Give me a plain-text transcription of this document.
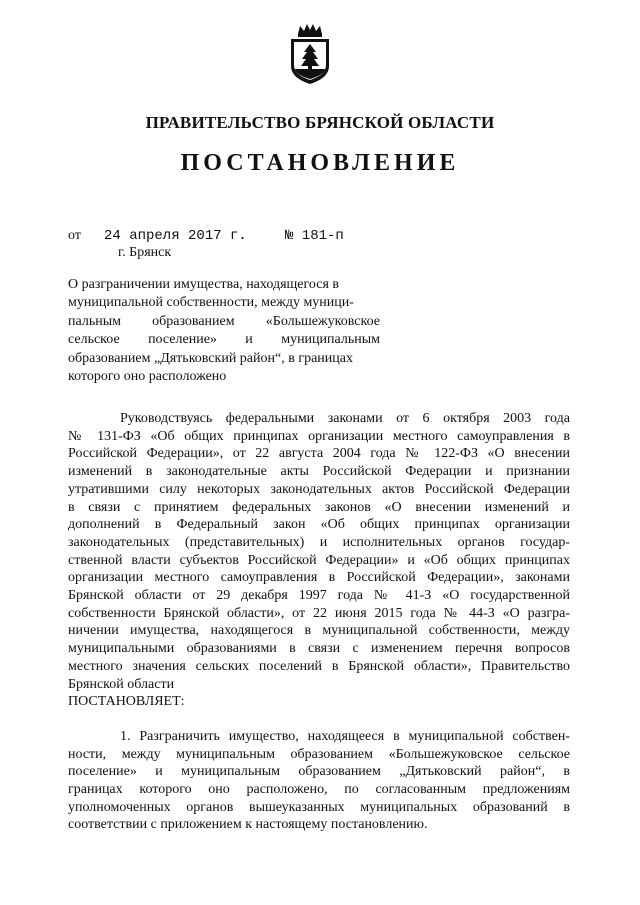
ПРАВИТЕЛЬСТВО БРЯНСКОЙ ОБЛАСТИ
ПОСТАНОВЛЕНИЕ
от 24 апреля 2017 г.	№ 181-п
г. Брянск
О разграничении имущества, находящегося в
муниципальной собственности, между муници-
пальным образованием «Большежуковское
сельское поселение» и муниципальным
образованием „Дятьковский район“, в границах
которого оно расположено
Руководствуясь федеральными законами от 6 октября 2003 года
№ 131-ФЗ «Об общих принципах организации местного самоуправления в
Российской Федерации», от 22 августа 2004 года № 122-ФЗ «О внесении
изменений в законодательные акты Российской Федерации и признании
утратившими силу некоторых законодательных актов Российской Федерации
в связи с принятием федеральных законов «О внесении изменений и
дополнений в Федеральный закон «Об общих принципах организации
законодательных (представительных) и исполнительных органов государ-
ственной власти субъектов Российской Федерации» и «Об общих принципах
организации местного самоуправления в Российской Федерации», законами
Брянской области от 29 декабря 1997 года № 41-З «О государственной
собственности Брянской области», от 22 июня 2015 года № 44-З «О разгра-
ничении имущества, находящегося в муниципальной собственности, между
муниципальными образованиями в связи с изменением перечня вопросов
местного значения сельских поселений в Брянской области», Правительство
Брянской области
ПОСТАНОВЛЯЕТ:
1. Разграничить имущество, находящееся в муниципальной собствен-
ности, между муниципальным образованием «Большежуковское сельское
поселение» и муниципальным образованием „Дятьковский район“, в
границах которого оно расположено, по согласованным предложениям
уполномоченных органов вышеуказанных муниципальных образований в
соответствии с приложением к настоящему постановлению.
